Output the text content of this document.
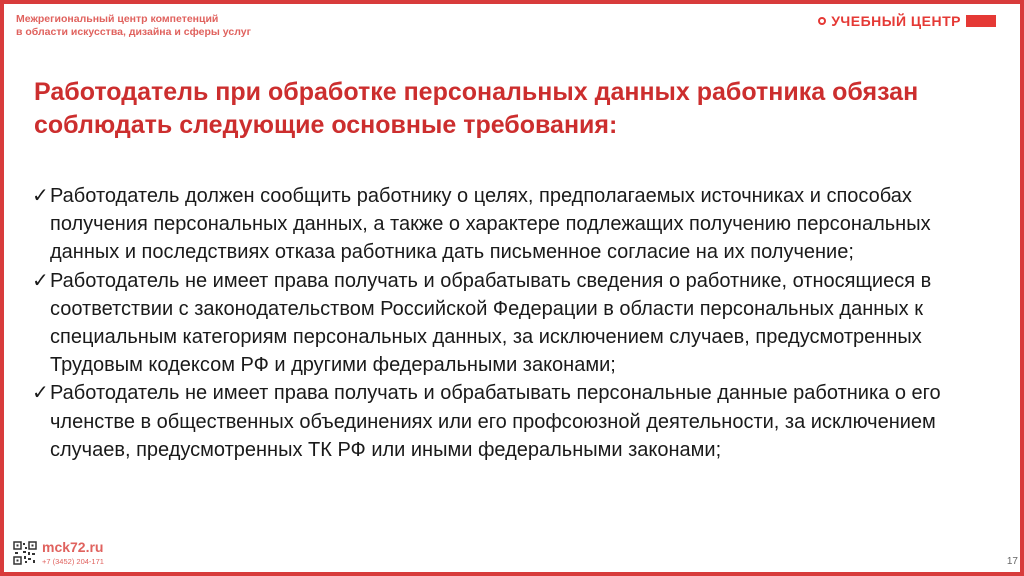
Межрегиональный центр компетенций
в области искусства, дизайна и сферы услуг
УЧЕБНЫЙ ЦЕНТР
Работодатель при обработке персональных данных работника обязан соблюдать следующие основные требования:
✓ Работодатель должен сообщить работнику о целях, предполагаемых источниках и способах получения персональных данных, а также о характере подлежащих получению персональных данных и последствиях отказа работника дать письменное согласие на их получение;
✓ Работодатель не имеет права получать и обрабатывать сведения о работнике, относящиеся в соответствии с законодательством Российской Федерации в области персональных данных к специальным категориям персональных данных, за исключением случаев, предусмотренных Трудовым кодексом РФ и другими федеральными законами;
✓ Работодатель не имеет права получать и обрабатывать персональные данные работника о его членстве в общественных объединениях или его профсоюзной деятельности, за исключением случаев, предусмотренных ТК РФ или иными федеральными законами;
mck72.ru
+7 (3452) 204-171	17
